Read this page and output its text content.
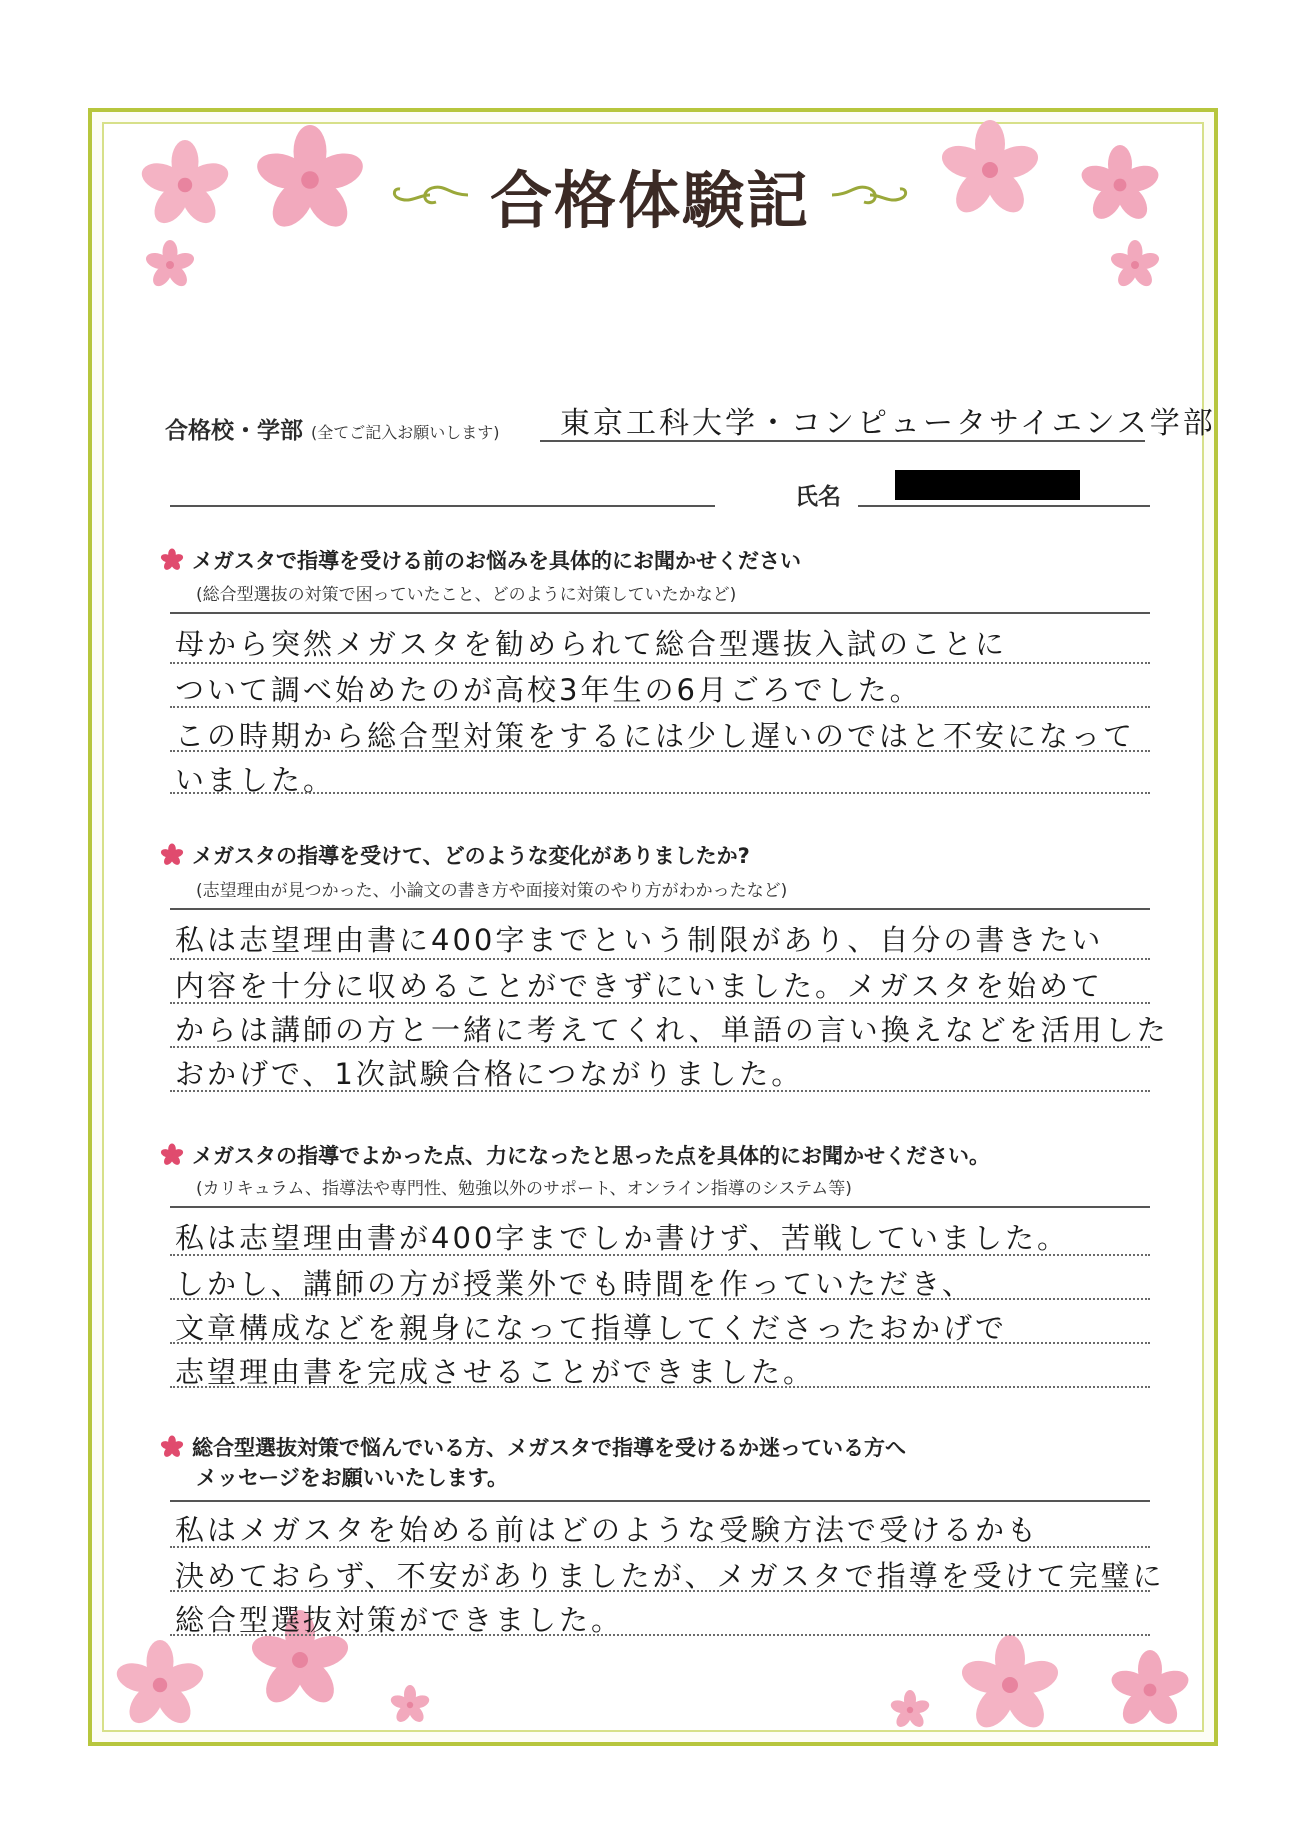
合格体験記
合格校・学部 (全てご記入お願いします) 東京工科大学・コンピュータサイエンス学部
氏名
メガスタで指導を受ける前のお悩みを具体的にお聞かせください
(総合型選抜の対策で困っていたこと、どのように対策していたかなど)
母から突然メガスタを勧められて総合型選抜入試のことに
ついて調べ始めたのが高校3年生の6月ごろでした。
この時期から総合型対策をするには少し遅いのではと不安になって
いました。
メガスタの指導を受けて、どのような変化がありましたか?
(志望理由が見つかった、小論文の書き方や面接対策のやり方がわかったなど)
私は志望理由書に400字までという制限があり、自分の書きたい
内容を十分に収めることができずにいました。メガスタを始めて
からは講師の方と一緒に考えてくれ、単語の言い換えなどを活用した
おかげで、1次試験合格につながりました。
メガスタの指導でよかった点、力になったと思った点を具体的にお聞かせください。
(カリキュラム、指導法や専門性、勉強以外のサポート、オンライン指導のシステム等)
私は志望理由書が400字までしか書けず、苦戦していました。
しかし、講師の方が授業外でも時間を作っていただき、
文章構成などを親身になって指導してくださったおかげで
志望理由書を完成させることができました。
総合型選抜対策で悩んでいる方、メガスタで指導を受けるか迷っている方へ
メッセージをお願いいたします。
私はメガスタを始める前はどのような受験方法で受けるかも
決めておらず、不安がありましたが、メガスタで指導を受けて完璧に
総合型選抜対策ができました。
